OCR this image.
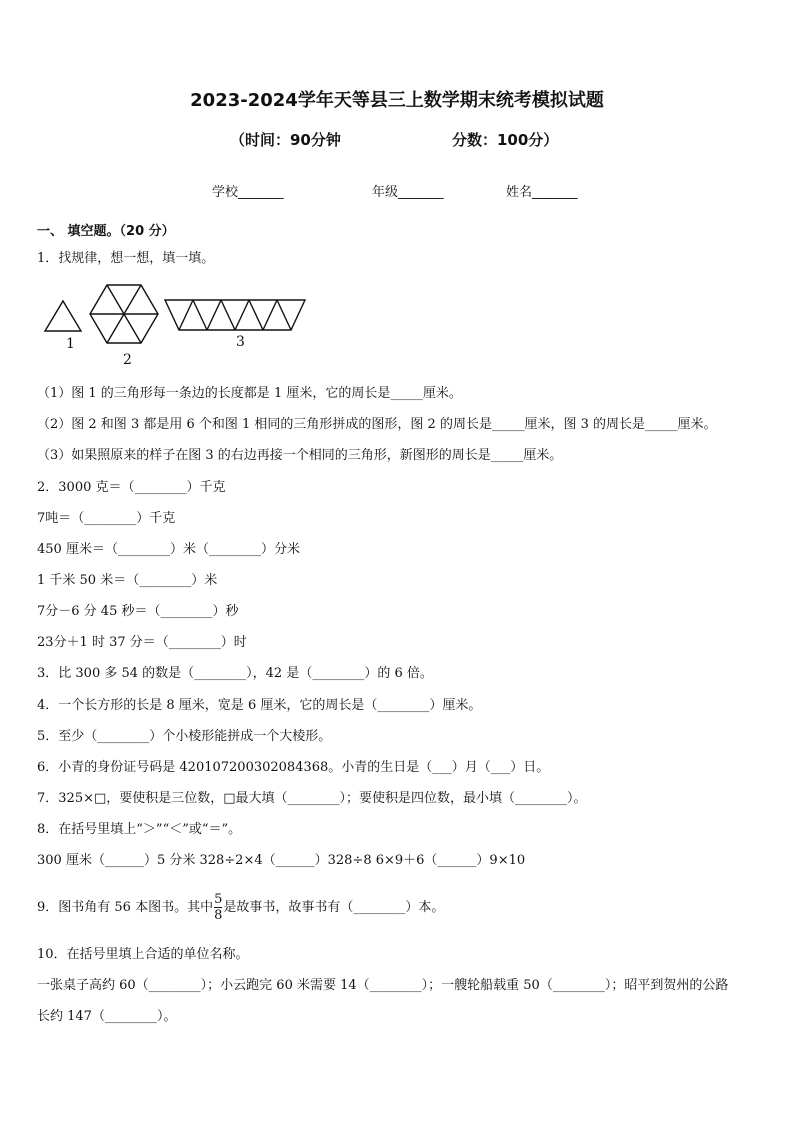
2023-2024学年天等县三上数学期末统考模拟试题
（时间：90分钟	分数：100分）
学校_______	年级_______	姓名_______
一、 填空题。（20 分）
1．找规律，想一想，填一填。
1
2
3
（1）图 1 的三角形每一条边的长度都是 1 厘米，它的周长是_____厘米。
（2）图 2 和图 3 都是用 6 个和图 1 相同的三角形拼成的图形，图 2 的周长是_____厘米，图 3 的周长是_____厘米。
（3）如果照原来的样子在图 3 的右边再接一个相同的三角形，新图形的周长是_____厘米。
2．3000 克＝（________）千克
7吨＝（________）千克
450 厘米＝（________）米（________）分米
1 千米 50 米＝（________）米
7分－6 分 45 秒＝（________）秒
23分＋1 时 37 分＝（________）时
3．比 300 多 54 的数是（________），42 是（________）的 6 倍。
4．一个长方形的长是 8 厘米，宽是 6 厘米，它的周长是（________）厘米。
5．至少（________）个小棱形能拼成一个大棱形。
6．小青的身份证号码是 420107200302084368。小青的生日是（___）月（___）日。
7．325×□，要使积是三位数，□最大填（________）；要使积是四位数，最小填（________）。
8．在括号里填上“＞”“＜”或“＝”。
300 厘米（______）5 分米 328÷2×4（______）328÷8 6×9＋6（______）9×10
9．图书角有 56 本图书。其中 $\frac{5}{8}$ 是故事书，故事书有（________）本。
10．在括号里填上合适的单位名称。
一张桌子高约 60（________）；小云跑完 60 米需要 14（________）；一艘轮船载重 50（________）；昭平到贺州的公路
长约 147（________）。
